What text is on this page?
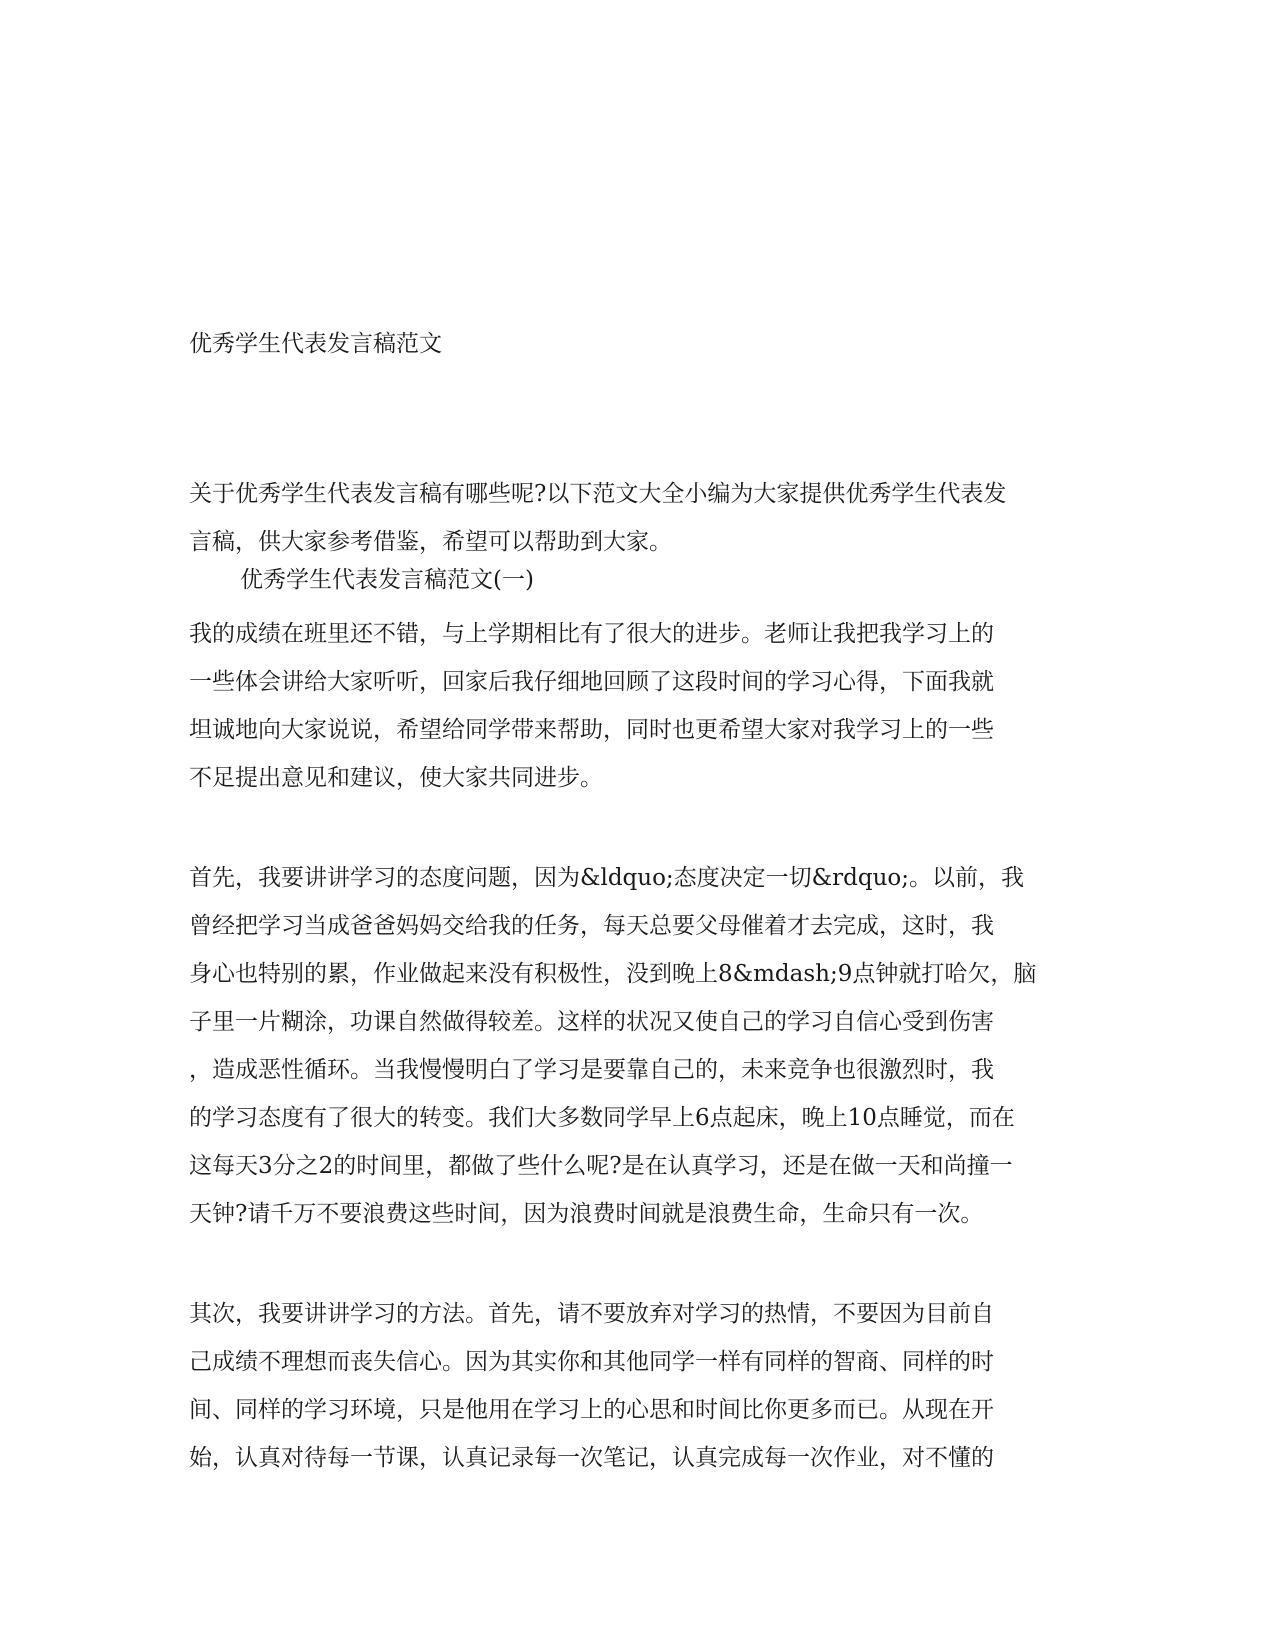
优秀学生代表发言稿范文
关于优秀学生代表发言稿有哪些呢?以下范文大全小编为大家提供优秀学生代表发
言稿，供大家参考借鉴，希望可以帮助到大家。
优秀学生代表发言稿范文(一)
我的成绩在班里还不错，与上学期相比有了很大的进步。老师让我把我学习上的
一些体会讲给大家听听，回家后我仔细地回顾了这段时间的学习心得，下面我就
坦诚地向大家说说，希望给同学带来帮助，同时也更希望大家对我学习上的一些
不足提出意见和建议，使大家共同进步。
首先，我要讲讲学习的态度问题，因为&ldquo;态度决定一切&rdquo;。以前，我
曾经把学习当成爸爸妈妈交给我的任务，每天总要父母催着才去完成，这时，我
身心也特别的累，作业做起来没有积极性，没到晚上8&mdash;9点钟就打哈欠，脑
子里一片糊涂，功课自然做得较差。这样的状况又使自己的学习自信心受到伤害
，造成恶性循环。当我慢慢明白了学习是要靠自己的，未来竞争也很激烈时，我
的学习态度有了很大的转变。我们大多数同学早上6点起床，晚上10点睡觉，而在
这每天3分之2的时间里，都做了些什么呢?是在认真学习，还是在做一天和尚撞一
天钟?请千万不要浪费这些时间，因为浪费时间就是浪费生命，生命只有一次。
其次，我要讲讲学习的方法。首先，请不要放弃对学习的热情，不要因为目前自
己成绩不理想而丧失信心。因为其实你和其他同学一样有同样的智商、同样的时
间、同样的学习环境，只是他用在学习上的心思和时间比你更多而已。从现在开
始，认真对待每一节课，认真记录每一次笔记，认真完成每一次作业，对不懂的
